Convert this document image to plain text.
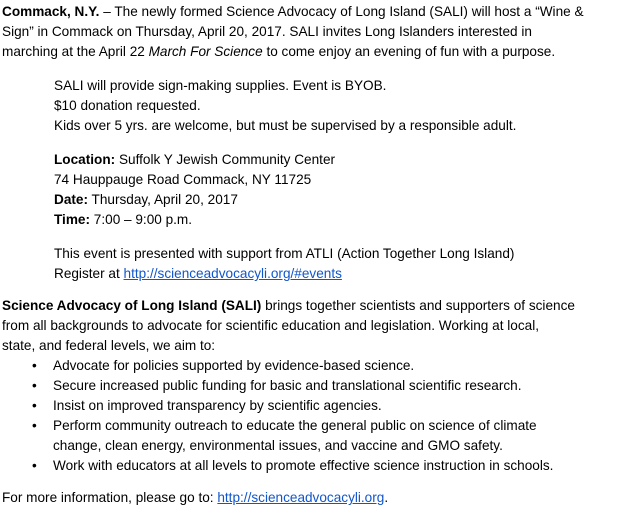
Commack, N.Y. – The newly formed Science Advocacy of Long Island (SALI) will host a “Wine &
Sign” in Commack on Thursday, April 20, 2017. SALI invites Long Islanders interested in
marching at the April 22 March For Science to come enjoy an evening of fun with a purpose.

SALI will provide sign-making supplies. Event is BYOB.
$10 donation requested.
Kids over 5 yrs. are welcome, but must be supervised by a responsible adult.

Location: Suffolk Y Jewish Community Center
74 Hauppauge Road Commack, NY 11725
Date: Thursday, April 20, 2017
Time: 7:00 – 9:00 p.m.

This event is presented with support from ATLI (Action Together Long Island)
Register at http://scienceadvocacyli.org/#events

Science Advocacy of Long Island (SALI) brings together scientists and supporters of science
from all backgrounds to advocate for scientific education and legislation. Working at local,
state, and federal levels, we aim to:

• Advocate for policies supported by evidence-based science.
• Secure increased public funding for basic and translational scientific research.
• Insist on improved transparency by scientific agencies.
• Perform community outreach to educate the general public on science of climate
change, clean energy, environmental issues, and vaccine and GMO safety.
• Work with educators at all levels to promote effective science instruction in schools.

For more information, please go to: http://scienceadvocacyli.org.
